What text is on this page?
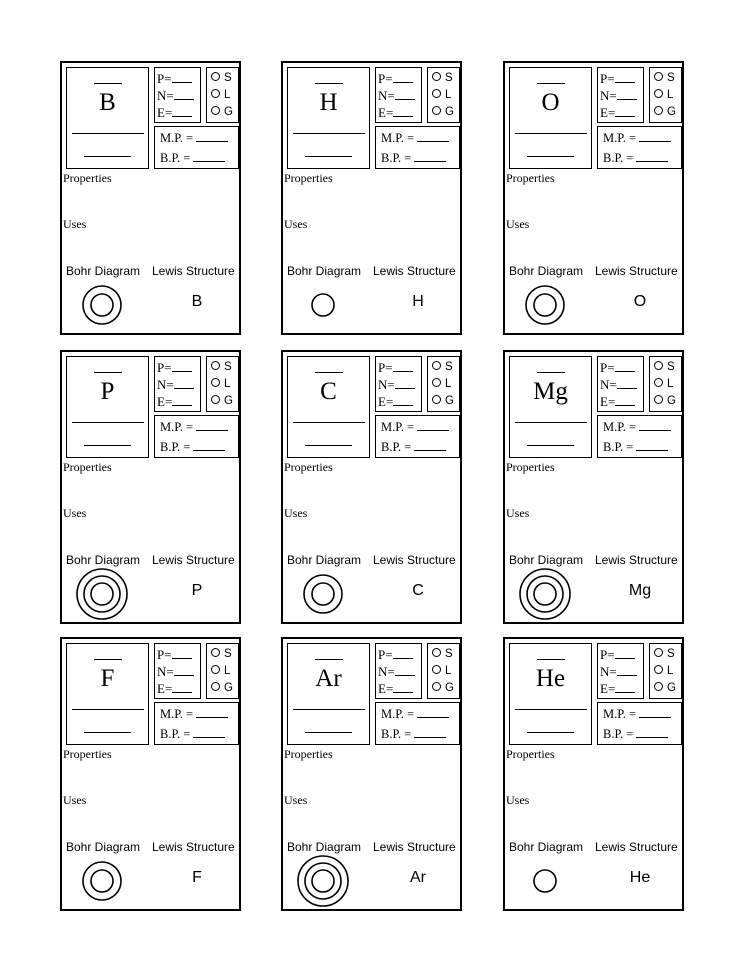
B
P=
N=
E=
S
L
G
M.P. =
B.P. =
Properties
Uses
Bohr Diagram Lewis Structure
B
H
P=
N=
E=
S
L
G
M.P. =
B.P. =
Properties
Uses
Bohr Diagram Lewis Structure
H
O
P=
N=
E=
S
L
G
M.P. =
B.P. =
Properties
Uses
Bohr Diagram Lewis Structure
O
P
P=
N=
E=
S
L
G
M.P. =
B.P. =
Properties
Uses
Bohr Diagram Lewis Structure
P
C
P=
N=
E=
S
L
G
M.P. =
B.P. =
Properties
Uses
Bohr Diagram Lewis Structure
C
Mg
P=
N=
E=
S
L
G
M.P. =
B.P. =
Properties
Uses
Bohr Diagram Lewis Structure
Mg
F
P=
N=
E=
S
L
G
M.P. =
B.P. =
Properties
Uses
Bohr Diagram Lewis Structure
F
Ar
P=
N=
E=
S
L
G
M.P. =
B.P. =
Properties
Uses
Bohr Diagram Lewis Structure
Ar
He
P=
N=
E=
S
L
G
M.P. =
B.P. =
Properties
Uses
Bohr Diagram Lewis Structure
He
